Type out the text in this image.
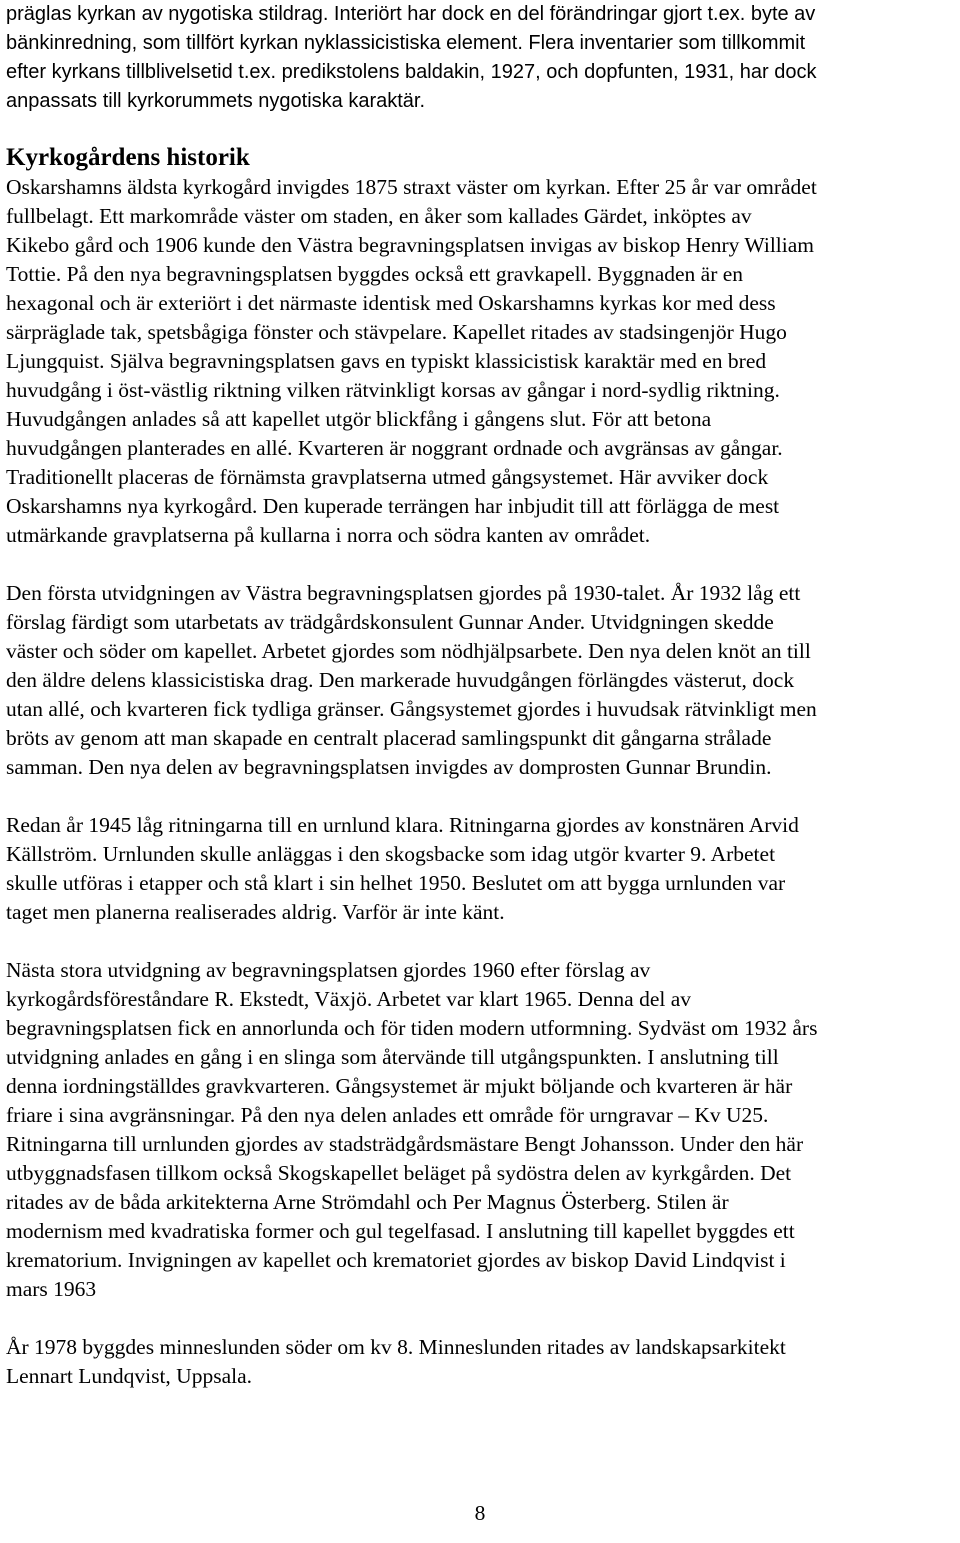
präglas kyrkan av nygotiska stildrag. Interiört har dock en del förändringar gjort t.ex. byte av

bänkinredning, som tillfört kyrkan nyklassicistiska element. Flera inventarier som tillkommit

efter kyrkans tillblivelsetid t.ex. predikstolens baldakin, 1927, och dopfunten, 1931, har dock

anpassats till kyrkorummets nygotiska karaktär.

Kyrkogårdens historik

Oskarshamns äldsta kyrkogård invigdes 1875 straxt väster om kyrkan. Efter 25 år var området

fullbelagt. Ett markområde väster om staden, en åker som kallades Gärdet, inköptes av

Kikebo gård och 1906 kunde den Västra begravningsplatsen invigas av biskop Henry William

Tottie. På den nya begravningsplatsen byggdes också ett gravkapell. Byggnaden är en

hexagonal och är exteriört i det närmaste identisk med Oskarshamns kyrkas kor med dess

särpräglade tak, spetsbågiga fönster och stävpelare. Kapellet ritades av stadsingenjör Hugo

Ljungquist. Själva begravningsplatsen gavs en typiskt klassicistisk karaktär med en bred

huvudgång i öst-västlig riktning vilken rätvinkligt korsas av gångar i nord-sydlig riktning.

Huvudgången anlades så att kapellet utgör blickfång i gångens slut. För att betona

huvudgången planterades en allé. Kvarteren är noggrant ordnade och avgränsas av gångar.

Traditionellt placeras de förnämsta gravplatserna utmed gångsystemet. Här avviker dock

Oskarshamns nya kyrkogård. Den kuperade terrängen har inbjudit till att förlägga de mest

utmärkande gravplatserna på kullarna i norra och södra kanten av området.

Den första utvidgningen av Västra begravningsplatsen gjordes på 1930-talet. År 1932 låg ett

förslag färdigt som utarbetats av trädgårdskonsulent Gunnar Ander. Utvidgningen skedde

väster och söder om kapellet. Arbetet gjordes som nödhjälpsarbete. Den nya delen knöt an till

den äldre delens klassicistiska drag. Den markerade huvudgången förlängdes västerut, dock

utan allé, och kvarteren fick tydliga gränser. Gångsystemet gjordes i huvudsak rätvinkligt men

bröts av genom att man skapade en centralt placerad samlingspunkt dit gångarna strålade

samman. Den nya delen av begravningsplatsen invigdes av domprosten Gunnar Brundin.

Redan år 1945 låg ritningarna till en urnlund klara. Ritningarna gjordes av konstnären Arvid

Källström. Urnlunden skulle anläggas i den skogsbacke som idag utgör kvarter 9. Arbetet

skulle utföras i etapper och stå klart i sin helhet 1950. Beslutet om att bygga urnlunden var

taget men planerna realiserades aldrig. Varför är inte känt.

Nästa stora utvidgning av begravningsplatsen gjordes 1960 efter förslag av

kyrkogårdsföreståndare R. Ekstedt, Växjö. Arbetet var klart 1965. Denna del av

begravningsplatsen fick en annorlunda och för tiden modern utformning. Sydväst om 1932 års

utvidgning anlades en gång i en slinga som återvände till utgångspunkten. I anslutning till

denna iordningställdes gravkvarteren. Gångsystemet är mjukt böljande och kvarteren är här

friare i sina avgränsningar. På den nya delen anlades ett område för urngravar – Kv U25.

Ritningarna till urnlunden gjordes av stadsträdgårdsmästare Bengt Johansson. Under den här

utbyggnadsfasen tillkom också Skogskapellet beläget på sydöstra delen av kyrkgården. Det

ritades av de båda arkitekterna Arne Strömdahl och Per Magnus Österberg. Stilen är

modernism med kvadratiska former och gul tegelfasad. I anslutning till kapellet byggdes ett

krematorium. Invigningen av kapellet och krematoriet gjordes av biskop David Lindqvist i

mars 1963

År 1978 byggdes minneslunden söder om kv 8. Minneslunden ritades av landskapsarkitekt

Lennart Lundqvist, Uppsala.

8
